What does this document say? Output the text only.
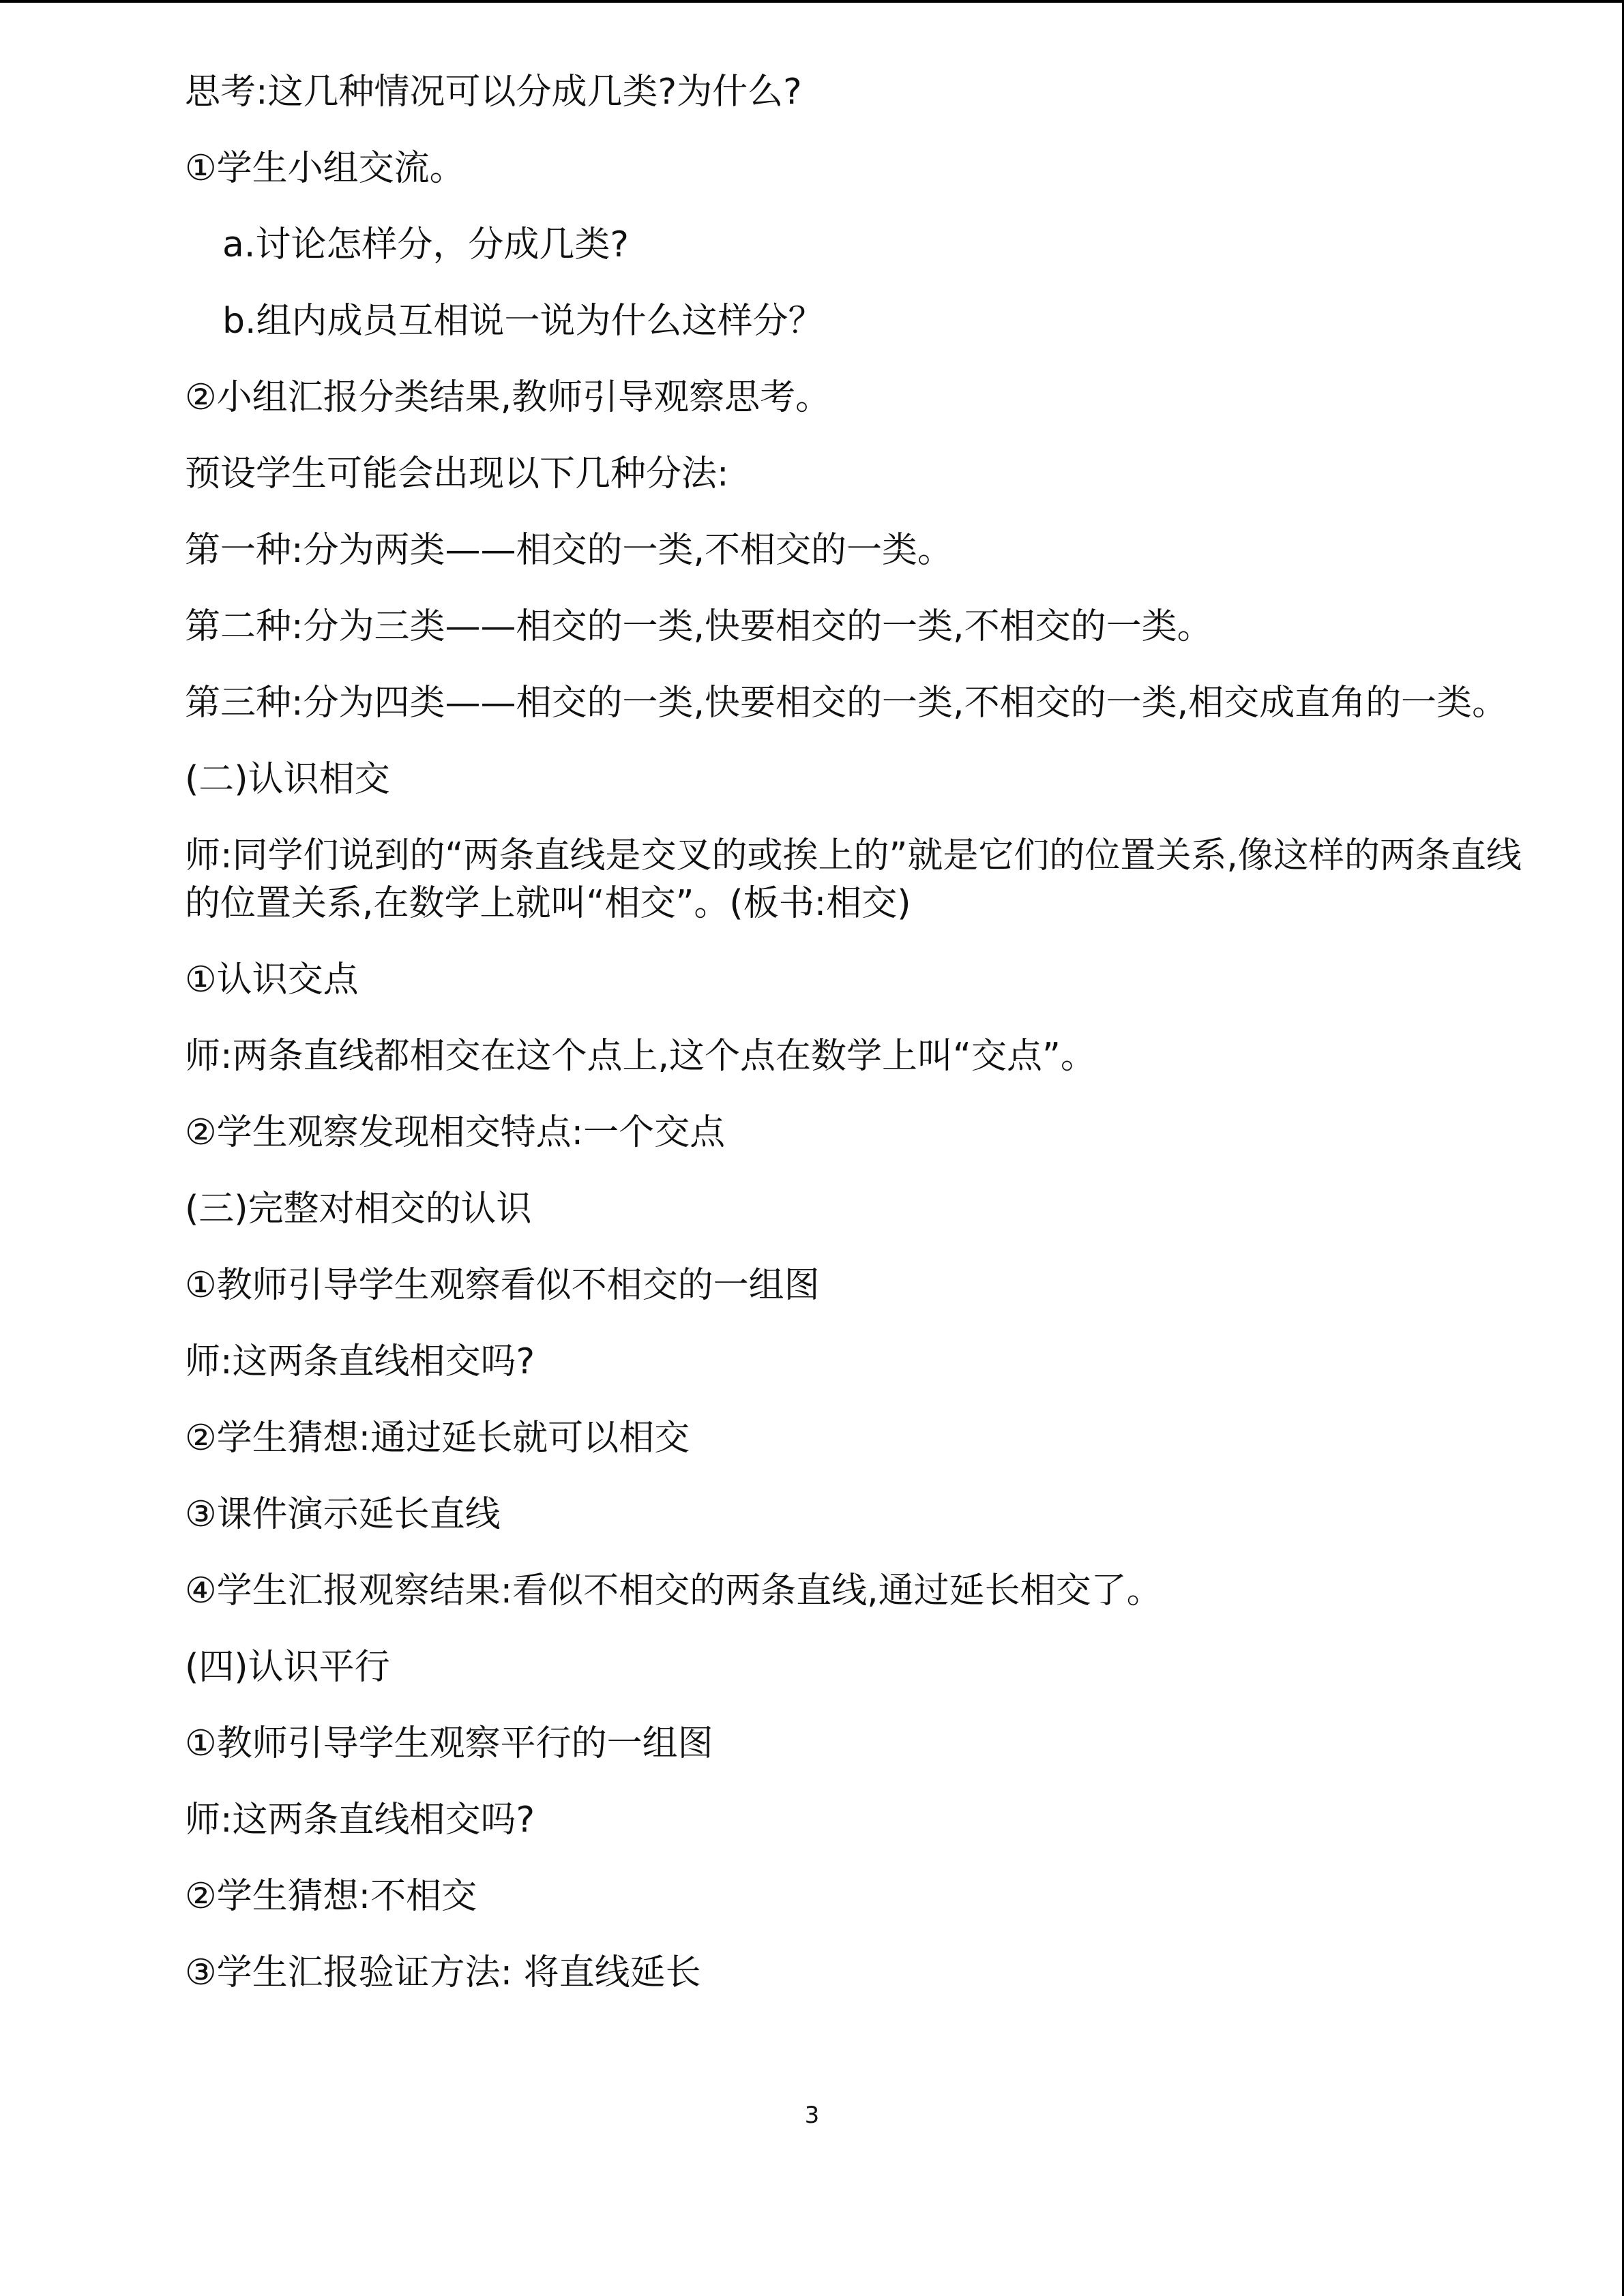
思考:这几种情况可以分成几类?为什么?

①学生小组交流。

a.讨论怎样分，分成几类?

b.组内成员互相说一说为什么这样分？

②小组汇报分类结果,教师引导观察思考。

预设学生可能会出现以下几种分法:

第一种:分为两类——相交的一类,不相交的一类。

第二种:分为三类——相交的一类,快要相交的一类,不相交的一类。

第三种:分为四类——相交的一类,快要相交的一类,不相交的一类,相交成直角的一类。

(二)认识相交

师:同学们说到的“两条直线是交叉的或挨上的”就是它们的位置关系,像这样的两条直线的位置关系,在数学上就叫“相交”。(板书:相交)

①认识交点

师:两条直线都相交在这个点上,这个点在数学上叫“交点”。

②学生观察发现相交特点:一个交点

(三)完整对相交的认识

①教师引导学生观察看似不相交的一组图

师:这两条直线相交吗?

②学生猜想:通过延长就可以相交

③课件演示延长直线

④学生汇报观察结果:看似不相交的两条直线,通过延长相交了。

(四)认识平行

①教师引导学生观察平行的一组图

师:这两条直线相交吗?

②学生猜想:不相交

③学生汇报验证方法: 将直线延长

3
